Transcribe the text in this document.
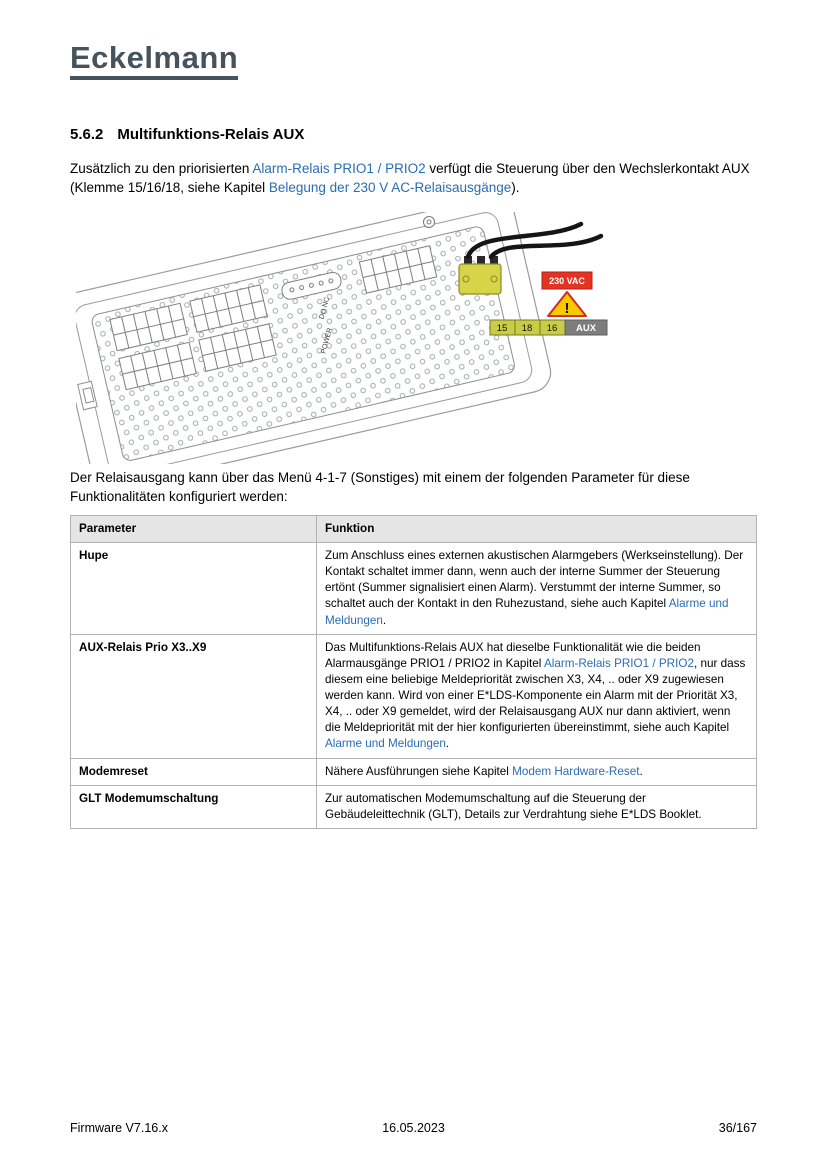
Eckelmann
5.6.2 Multifunktions-Relais AUX

Zusätzlich zu den priorisierten Alarm-Relais PRIO1 / PRIO2 verfügt die Steuerung über den Wechslerkontakt AUX (Klemme 15/16/18, siehe Kapitel Belegung der 230 V AC-Relaisausgänge).

DO NC
POWER
230 VAC
!
15 18 16 AUX

Der Relaisausgang kann über das Menü 4-1-7 (Sonstiges) mit einem der folgenden Parameter für diese Funktionalitäten konfiguriert werden:

Parameter	Funktion
Hupe	Zum Anschluss eines externen akustischen Alarmgebers (Werkseinstellung). Der Kontakt schaltet immer dann, wenn auch der interne Summer der Steuerung ertönt (Summer signalisiert einen Alarm). Verstummt der interne Summer, so schaltet auch der Kontakt in den Ruhezustand, siehe auch Kapitel Alarme und Meldungen.
AUX-Relais Prio X3..X9	Das Multifunktions-Relais AUX hat dieselbe Funktionalität wie die beiden Alarmausgänge PRIO1 / PRIO2 in Kapitel Alarm-Relais PRIO1 / PRIO2, nur dass diesem eine beliebige Meldepriorität zwischen X3, X4, .. oder X9 zugewiesen werden kann. Wird von einer E*LDS-Komponente ein Alarm mit der Priorität X3, X4, .. oder X9 gemeldet, wird der Relaisausgang AUX nur dann aktiviert, wenn die Meldepriorität mit der hier konfigurierten übereinstimmt, siehe auch Kapitel Alarme und Meldungen.
Modemreset	Nähere Ausführungen siehe Kapitel Modem Hardware-Reset.
GLT Modemumschaltung	Zur automatischen Modemumschaltung auf die Steuerung der Gebäudeleittechnik (GLT), Details zur Verdrahtung siehe E*LDS Booklet.
Firmware V7.16.x	16.05.2023	36/167
